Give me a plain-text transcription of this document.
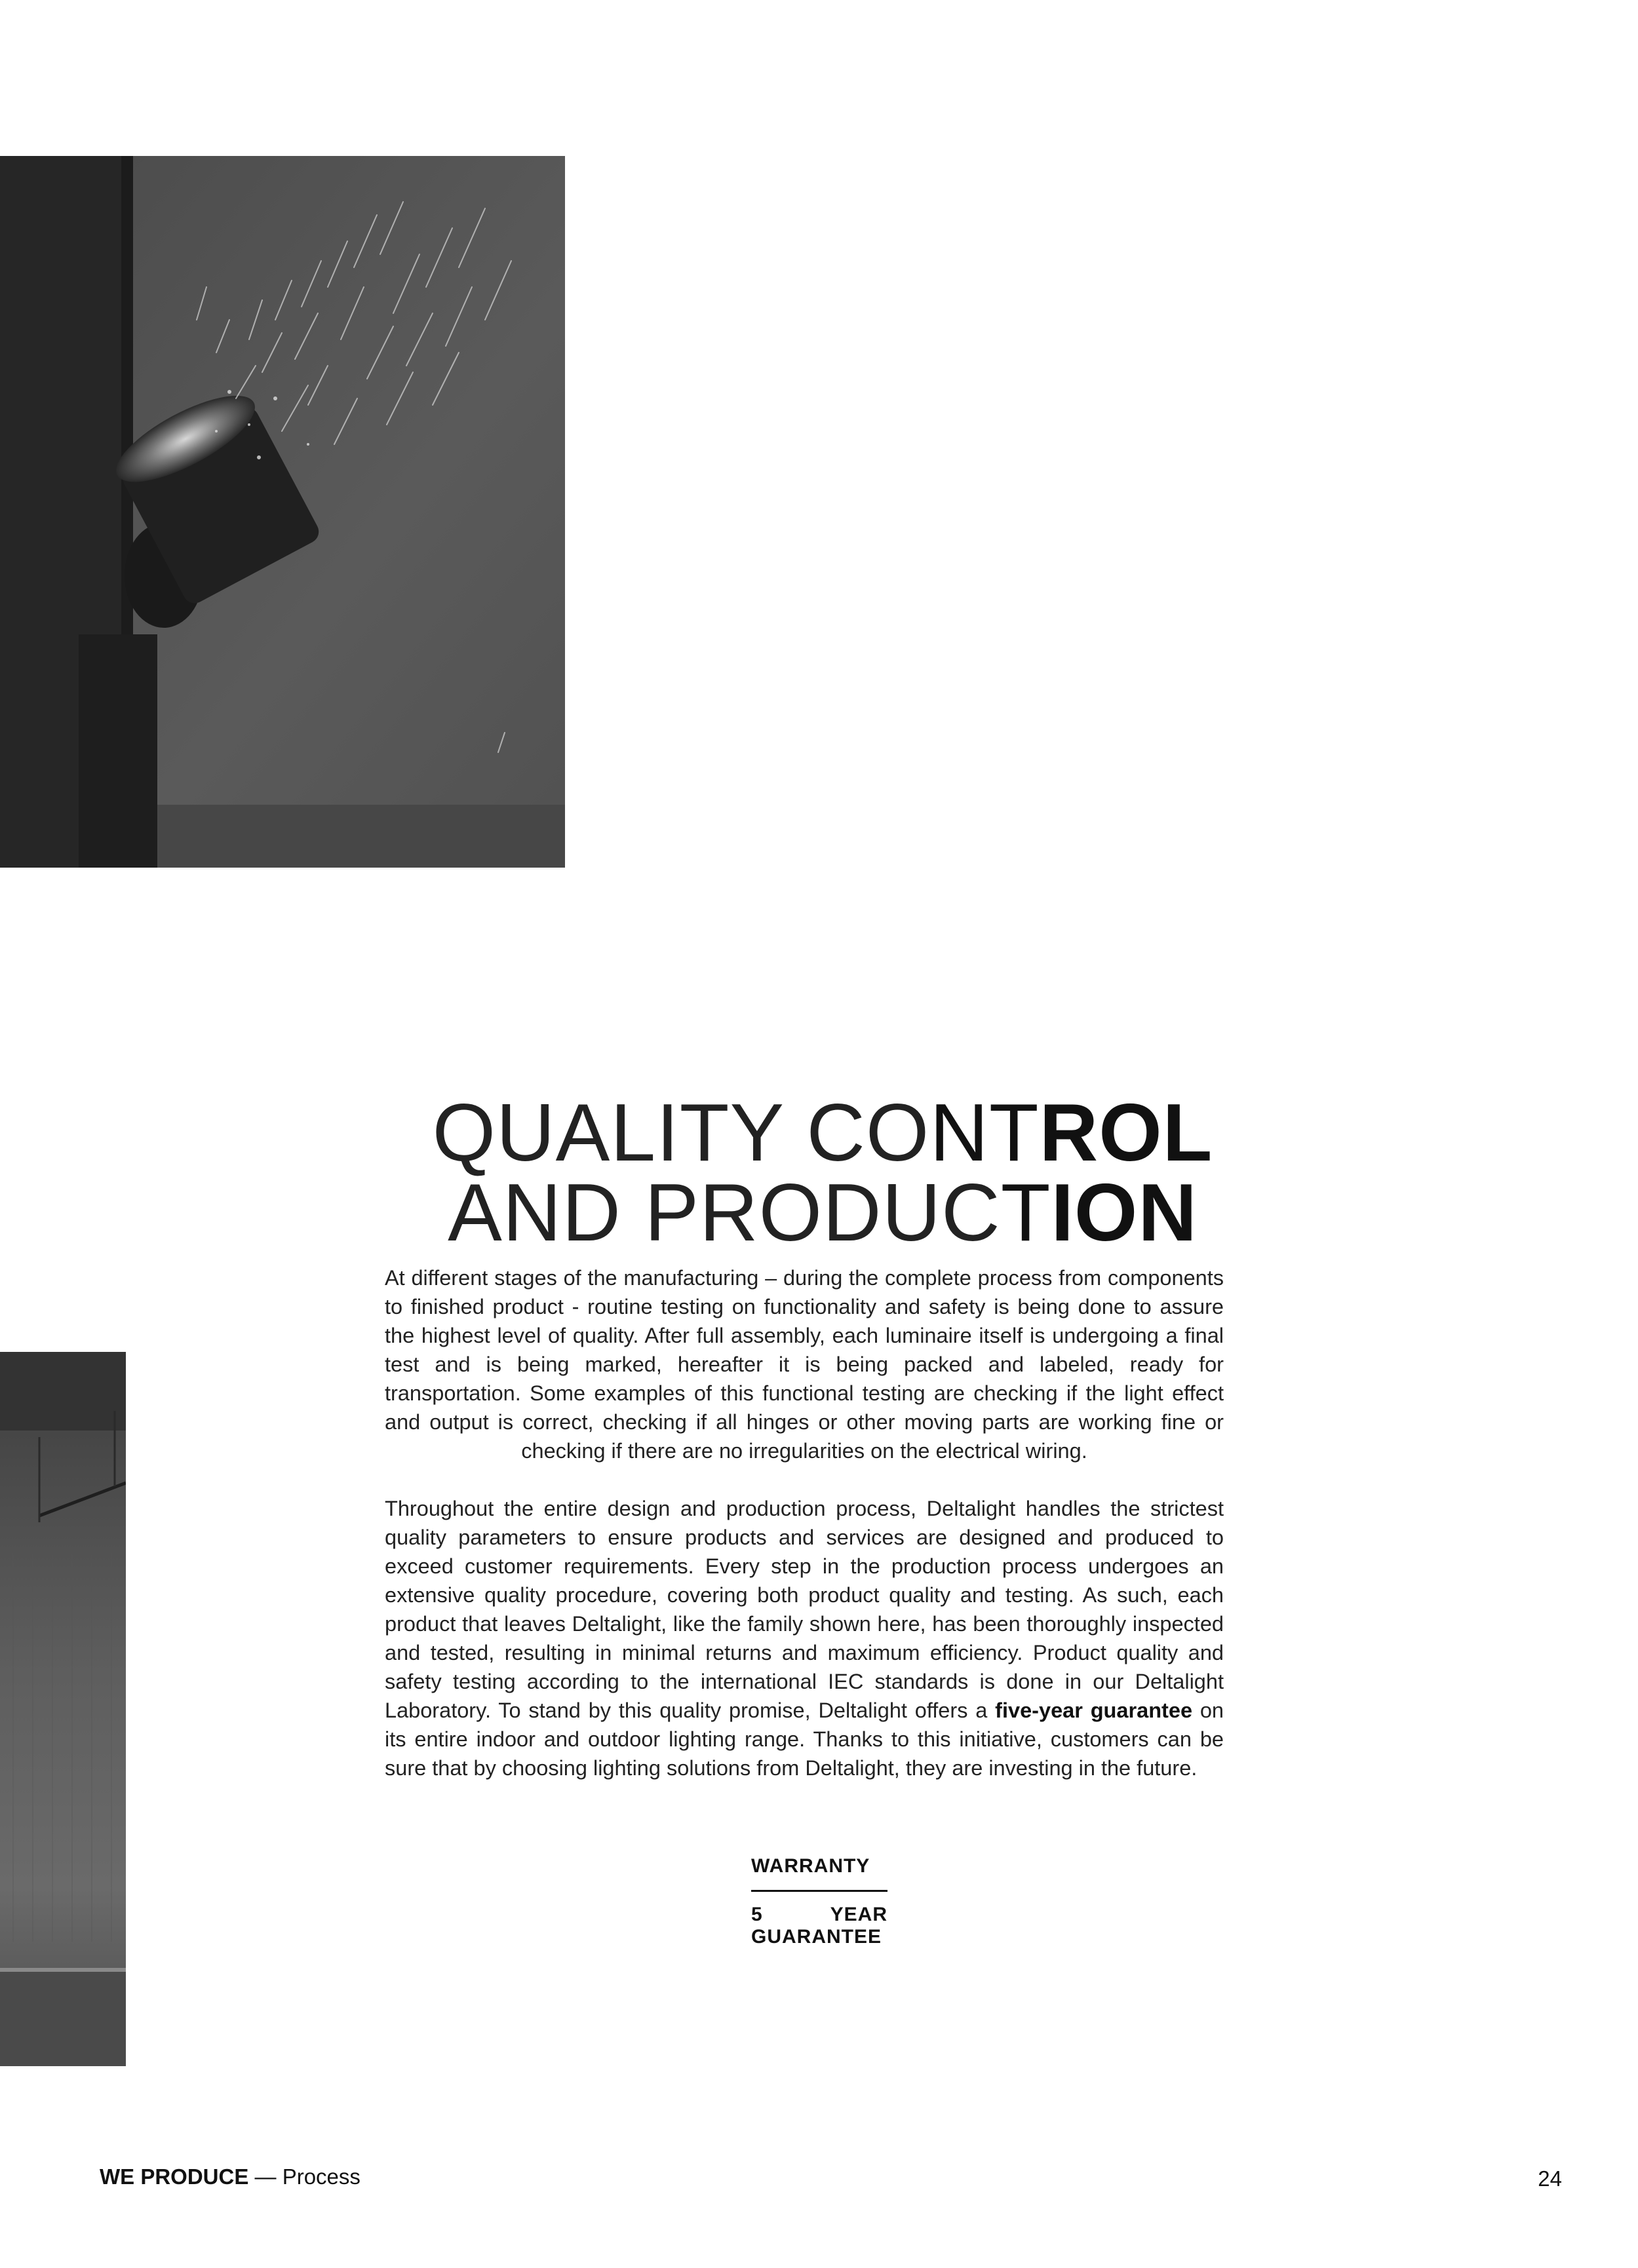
QUALITY CONTROL
AND PRODUCTION

At different stages of the manufacturing – during the complete process from components to finished product - routine testing on functionality and safety is being done to assure the highest level of quality. After full assembly, each luminaire itself is undergoing a final test and is being marked, hereafter it is being packed and labeled, ready for transportation. Some examples of this functional testing are checking if the light effect and output is correct, checking if all hinges or other moving parts are working fine or checking if there are no irregularities on the electrical wiring.

Throughout the entire design and production process, Deltalight handles the strictest quality parameters to ensure products and services are designed and produced to exceed customer requirements. Every step in the production process undergoes an extensive quality procedure, covering both product quality and testing. As such, each product that leaves Deltalight, like the family shown here, has been thoroughly inspected and tested, resulting in minimal returns and maximum efficiency. Product quality and safety testing according to the international IEC standards is done in our Deltalight Laboratory. To stand by this quality promise, Deltalight offers a five-year guarantee on its entire indoor and outdoor lighting range. Thanks to this initiative, customers can be sure that by choosing lighting solutions from Deltalight, they are investing in the future.

WARRANTY
5	YEAR
GUARANTEE
WE PRODUCE — Process	24
